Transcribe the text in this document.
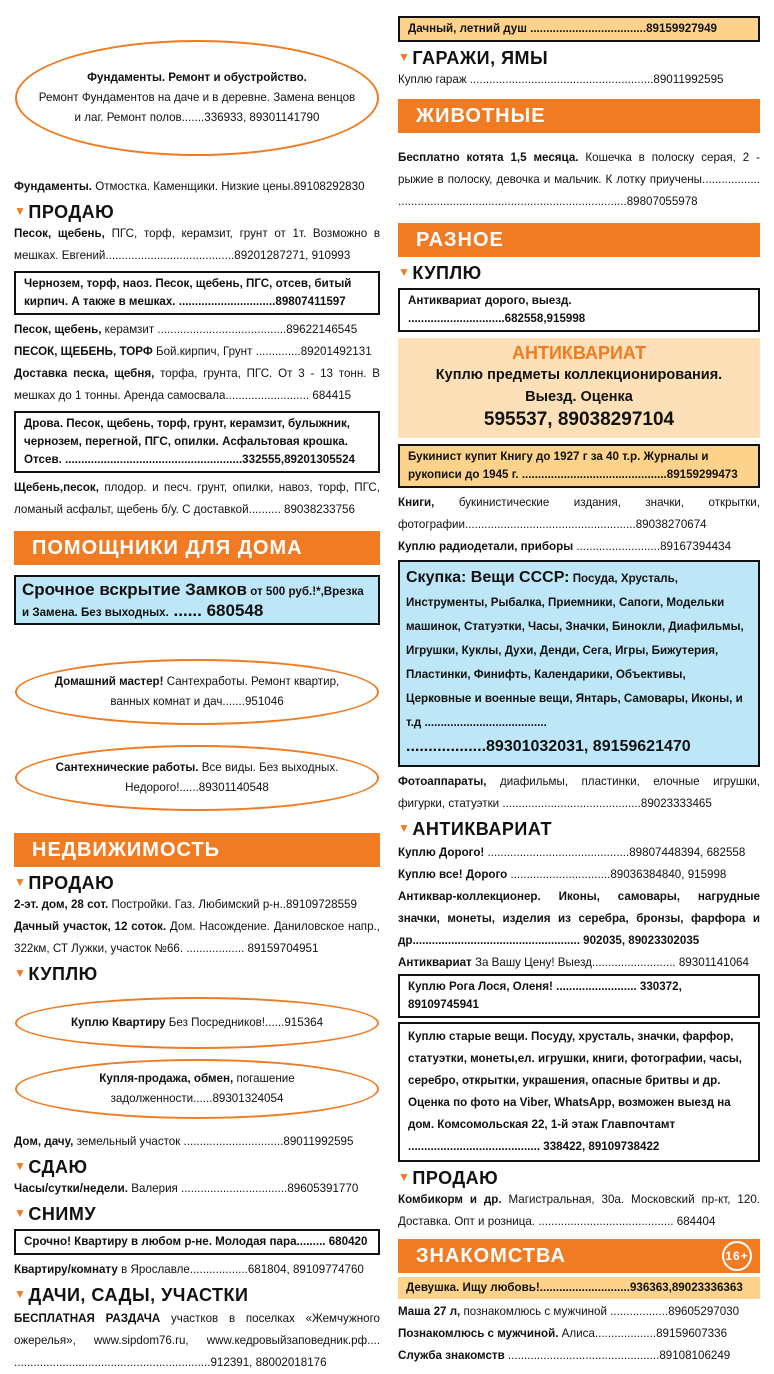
Фундаменты. Ремонт и обустройство.
Ремонт Фундаментов на даче и в деревне. Замена венцов и лаг. Ремонт полов.......336933, 89301141790
Фундаменты. Отмостка. Каменщики. Низкие цены.89108292830
▼ ПРОДАЮ
Песок, щебень, ПГС, торф, керамзит, грунт от 1т. Возможно в мешках. Евгений........................................89201287271, 910993
Чернозем, торф, наоз. Песок, щебень, ПГС, отсев, битый кирпич. А также в мешках. ..............................89807411597
Песок, щебень, керамзит ........................................89622146545
ПЕСОК, ЩЕБЕНЬ, ТОРФ Бой.кирпич, Грунт ..............89201492131
Доставка песка, щебня, торфа, грунта, ПГС. От 3 - 13 тонн. В мешках до 1 тонны. Аренда самосвала.......................... 684415
Дрова. Песок, щебень, торф, грунт, керамзит, булыжник, чернозем, перегной, ПГС, опилки. Асфальтовая крошка. Отсев. .......................................................332555,89201305524
Щебень,песок, плодор. и песч. грунт, опилки, навоз, торф, ПГС, ломаный асфальт, щебень б/у. С доставкой.......... 89038233756
ПОМОЩНИКИ ДЛЯ ДОМА
Срочное вскрытие Замков от 500 руб.!*,Врезка и Замена. Без выходных. ...... 680548
Домашний мастер! Сантехработы. Ремонт квартир, ванных комнат и дач.......951046
Сантехнические работы. Все виды. Без выходных. Недорого!......89301140548
НЕДВИЖИМОСТЬ
▼ ПРОДАЮ
2-эт. дом, 28 сот. Постройки. Газ. Любимский р-н..89109728559
Дачный участок, 12 соток. Дом. Насождение. Даниловское напр., 322км, СТ Лужки, участок №66. .................. 89159704951
▼ КУПЛЮ
Куплю Квартиру Без Посредников!......915364
Купля-продажа, обмен, погашение задолженности......89301324054
Дом, дачу, земельный участок ...............................89011992595
▼ СДАЮ
Часы/сутки/недели. Валерия .................................89605391770
▼ СНИМУ
Срочно! Квартиру в любом р-не. Молодая пара......... 680420
Квартиру/комнату в Ярославле..................681804, 89109774760
▼ ДАЧИ, САДЫ, УЧАСТКИ
БЕСПЛАТНАЯ РАЗДАЧА участков в поселках «Жемчужного ожерелья», www.sipdom76.ru, www.кедровыйзаповедник.рф.... .............................................................912391, 88002018176
Дачный, летний душ ....................................89159927949
▼ ГАРАЖИ, ЯМЫ
Куплю гараж .........................................................89011992595
ЖИВОТНЫЕ
Бесплатно котята 1,5 месяца. Кошечка в полоску серая, 2 - рыжие в полоску, девочка и мальчик. К лотку приучены.................. .......................................................................89807055978
РАЗНОЕ
▼ КУПЛЮ
Антиквариат дорого, выезд. ..............................682558,915998
АНТИКВАРИАТ
Куплю предметы коллекционирования.
Выезд. Оценка
595537, 89038297104
Букинист купит Книгу до 1927 г за 40 т.р. Журналы и рукописи до 1945 г. .............................................89159299473
Книги, букинистические издания, значки, открытки, фотографии.....................................................89038270674
Куплю радиодетали, приборы ..........................89167394434
Скупка: Вещи СССР: Посуда, Хрусталь, Инструменты, Рыбалка, Приемники, Сапоги, Модельки машинок, Статуэтки, Часы, Значки, Бинокли, Диафильмы, Игрушки, Куклы, Духи, Денди, Сега, Игры, Бижутерия, Пластинки, Финифть, Календарики, Объективы, Церковные и военные вещи, Янтарь, Самовары, Иконы, и т.д ......................................
..................89301032031, 89159621470
Фотоаппараты, диафильмы, пластинки, елочные игрушки, фигурки, статуэтки ...........................................89023333465
▼ АНТИКВАРИАТ
Куплю Дорого! ............................................89807448394, 682558
Куплю все! Дорого ...............................89036384840, 915998
Антиквар-коллекционер. Иконы, самовары, нагрудные значки, монеты, изделия из серебра, бронзы, фарфора и др.................................................... 902035, 89023302035
Антиквариат За Вашу Цену! Выезд.......................... 89301141064
Куплю Рога Лося, Оленя! ......................... 330372, 89109745941
Куплю старые вещи. Посуду, хрусталь, значки, фарфор, статуэтки, монеты,ел. игрушки, книги, фотографии, часы, серебро, открытки, украшения, опасные бритвы и др. Оценка по фото на Viber, WhatsApp, возможен выезд на дом. Комсомольская 22, 1-й этаж Главпочтамт ......................................... 338422, 89109738422
▼ ПРОДАЮ
Комбикорм и др. Магистральная, 30а. Московский пр-кт, 120. Доставка. Опт и розница. .......................................... 684404
ЗНАКОМСТВА	16+
Девушка. Ищу любовь!............................936363,89023336363
Маша 27 л, познакомлюсь с мужчиной ..................89605297030
Познакомлюсь с мужчиной. Алиса...................89159607336
Служба знакомств ...............................................89108106249
